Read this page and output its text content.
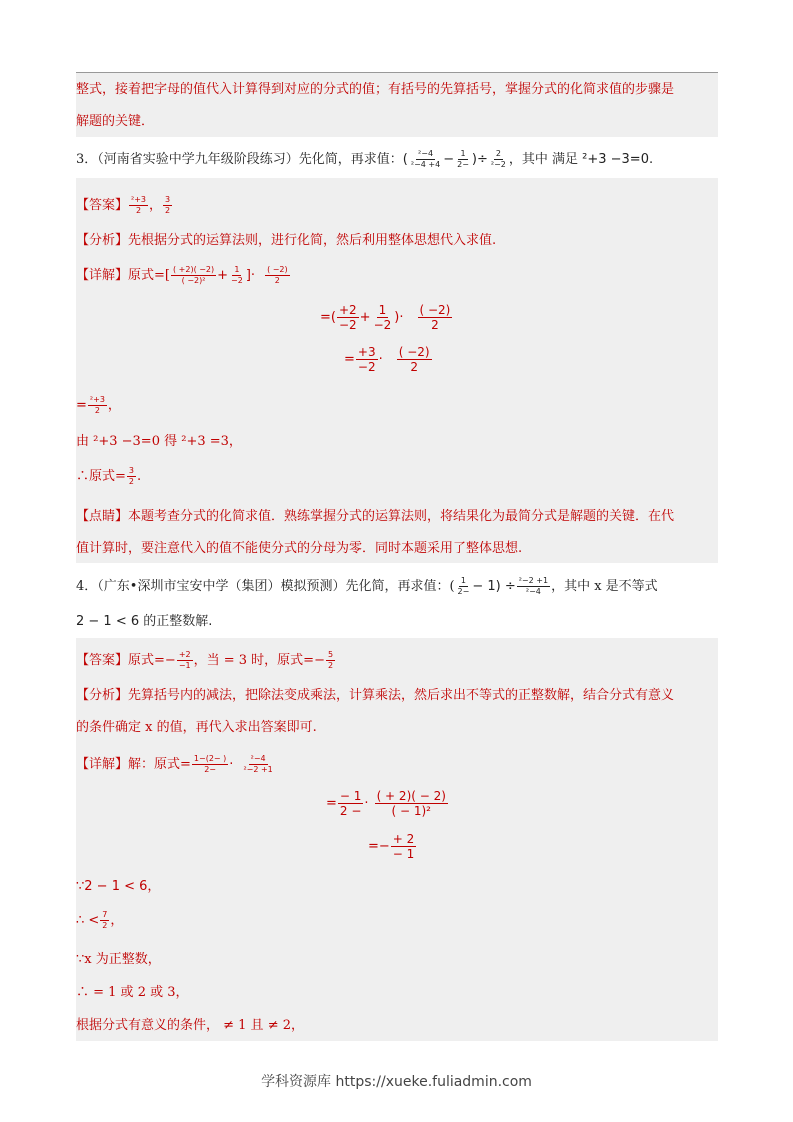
整式，接着把字母的值代入计算得到对应的分式的值；有括号的先算括号，掌握分式的化简求值的步骤是
解题的关键．
3．（河南省实验中学九年级阶段练习）先化简，再求值：( $\frac{\text{²−4}}{\text{²−4 +4}} - \frac{1}{2-}$ )÷ $\frac{2}{\text{²−2}}$ ，其中 满足 ²+3 −3=0.
【答案】 $\frac{\text{²+3}}{2}$ ， $\frac{3}{2}$
【分析】先根据分式的运算法则，进行化简，然后利用整体思想代入求值.
【详解】原式=[ $\frac{( +2)( -2)}{\text{( −2)²}} + \frac{1}{-2}$ ]· $\frac{( -2)}{2}$
=( $\frac{+2}{-2} + \frac{1}{-2}$ )· $\frac{( -2)}{2}$
= $\frac{+3}{-2} \cdot \frac{( -2)}{2}$
= $\frac{\text{²+3}}{2}$ ，
由 ²+3 −3=0 得 ²+3 =3，
∴原式= $\frac{3}{2}$ .
【点睛】本题考查分式的化简求值．熟练掌握分式的运算法则，将结果化为最简分式是解题的关键．在代
值计算时，要注意代入的值不能使分式的分母为零．同时本题采用了整体思想.
4．（广东•深圳市宝安中学（集团）模拟预测）先化简，再求值：( $\frac{1}{2-} - 1) \div \frac{\text{²−2 +1}}{\text{²−4}}$ ，其中 x 是不等式
2 − 1 < 6 的正整数解.
【答案】原式=− $\frac{+2}{-1}$ ，当 = 3 时，原式=− $\frac{5}{2}$
【分析】先算括号内的减法，把除法变成乘法，计算乘法，然后求出不等式的正整数解，结合分式有意义
的条件确定 x 的值，再代入求出答案即可.
【详解】解：原式= $\frac{1-(2- )}{2-} \cdot \frac{\text{²−4}}{\text{²−2 +1}}$
= $\frac{- 1}{2 -} \cdot \frac{( + 2)( - 2)}{\text{( − 1)²}}$
=− $\frac{+ 2}{- 1}$
∵2 − 1 < 6，
∴ < $\frac{7}{2}$ ，
∵x 为正整数，
∴ = 1 或 2 或 3，
根据分式有意义的条件， ≠ 1 且 ≠ 2，
学科资源库 https://xueke.fuliadmin.com
